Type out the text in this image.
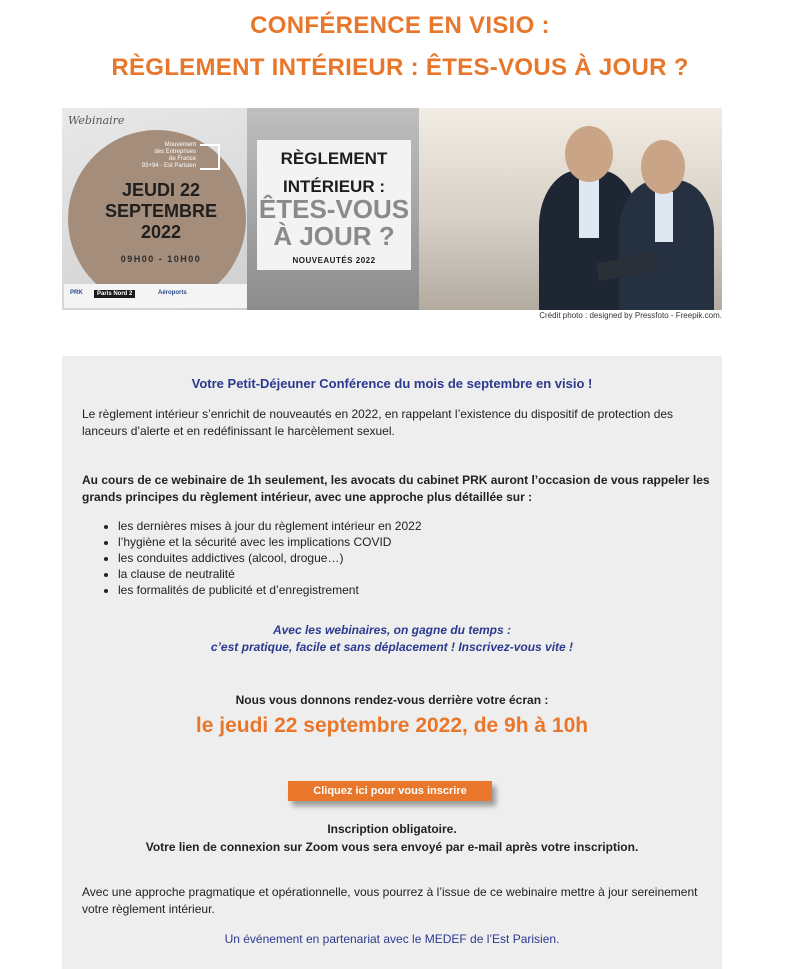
CONFÉRENCE EN VISIO :
RÈGLEMENT INTÉRIEUR : ÊTES-VOUS À JOUR ?
Webinaire
Mouvement
des Entreprises
de France
93+94 - Est Parisien
JEUDI 22
SEPTEMBRE
2022
09H00 - 10H00
PRK	Paris Nord 2	Aéroports
RÈGLEMENT
INTÉRIEUR :
ÊTES-VOUS
À JOUR ?
NOUVEAUTÉS 2022
Crédit photo : designed by Pressfoto - Freepik.com.
Votre Petit-Déjeuner Conférence du mois de septembre en visio !
Le règlement intérieur s’enrichit de nouveautés en 2022, en rappelant l’existence du dispositif de protection des lanceurs d’alerte et en redéfinissant le harcèlement sexuel.
Au cours de ce webinaire de 1h seulement, les avocats du cabinet PRK auront l’occasion de vous rappeler les grands principes du règlement intérieur, avec une approche plus détaillée sur :
• les dernières mises à jour du règlement intérieur en 2022
• l’hygiène et la sécurité avec les implications COVID
• les conduites addictives (alcool, drogue…)
• la clause de neutralité
• les formalités de publicité et d’enregistrement
Avec les webinaires, on gagne du temps :
c’est pratique, facile et sans déplacement ! Inscrivez-vous vite !
Nous vous donnons rendez-vous derrière votre écran :
le jeudi 22 septembre 2022, de 9h à 10h
Cliquez ici pour vous inscrire
Inscription obligatoire.
Votre lien de connexion sur Zoom vous sera envoyé par e-mail après votre inscription.
Avec une approche pragmatique et opérationnelle, vous pourrez à l’issue de ce webinaire mettre à jour sereinement votre règlement intérieur.
Un événement en partenariat avec le MEDEF de l’Est Parisien.
